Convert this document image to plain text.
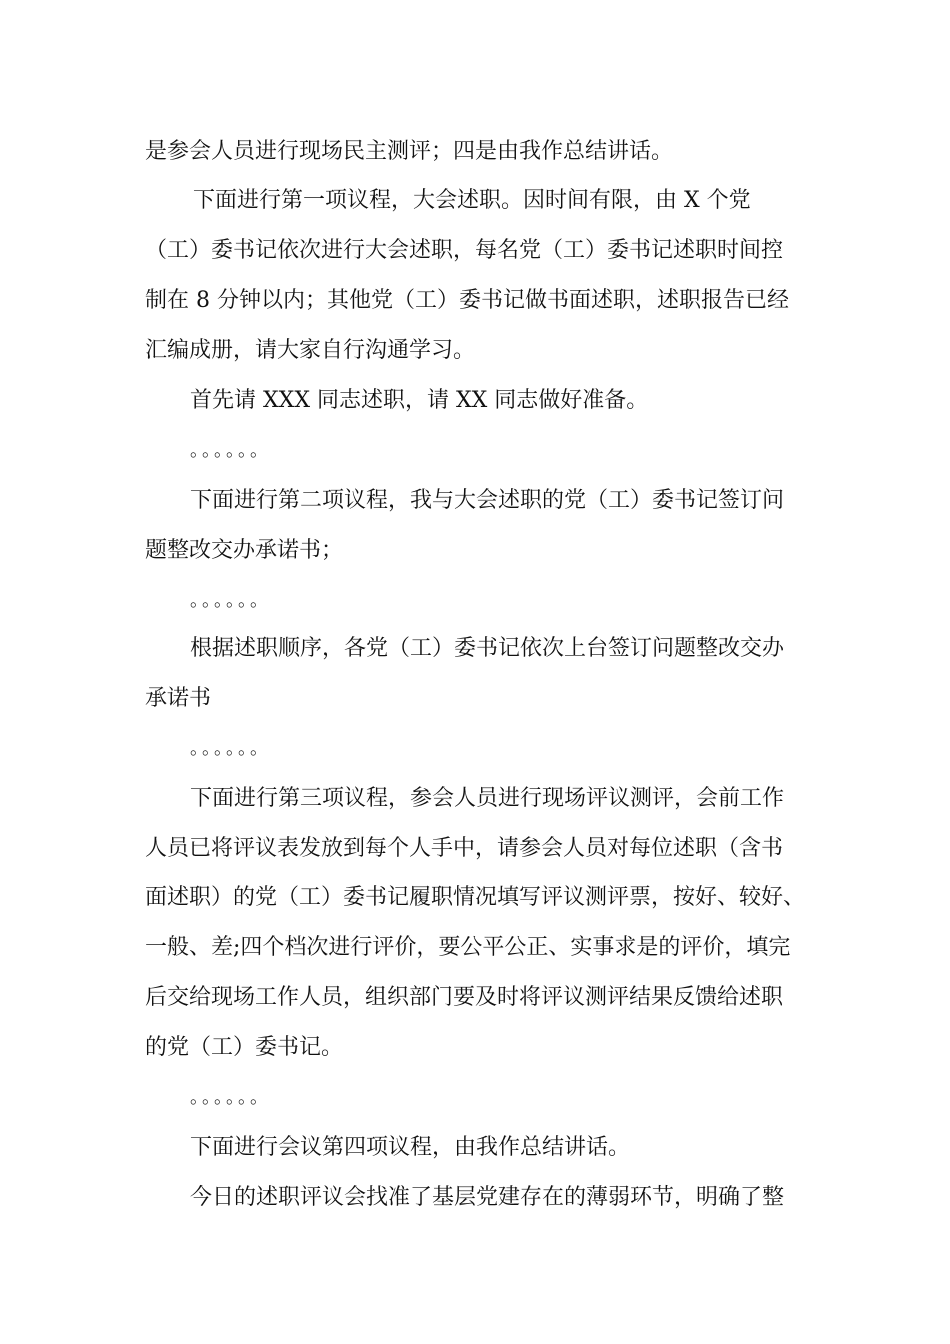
是参会人员进行现场民主测评；四是由我作总结讲话。
下面进行第一项议程，大会述职。因时间有限，由 X 个党
（工）委书记依次进行大会述职，每名党（工）委书记述职时间控
制在 8 分钟以内；其他党（工）委书记做书面述职，述职报告已经
汇编成册，请大家自行沟通学习。
首先请 XXX 同志述职，请 XX 同志做好准备。
。。。。。。
下面进行第二项议程，我与大会述职的党（工）委书记签订问
题整改交办承诺书；
。。。。。。
根据述职顺序，各党（工）委书记依次上台签订问题整改交办
承诺书
。。。。。。
下面进行第三项议程，参会人员进行现场评议测评，会前工作
人员已将评议表发放到每个人手中，请参会人员对每位述职（含书
面述职）的党（工）委书记履职情况填写评议测评票，按好、较好、
一般、差;四个档次进行评价，要公平公正、实事求是的评价，填完
后交给现场工作人员，组织部门要及时将评议测评结果反馈给述职
的党（工）委书记。
。。。。。。
下面进行会议第四项议程，由我作总结讲话。
今日的述职评议会找准了基层党建存在的薄弱环节，明确了整
